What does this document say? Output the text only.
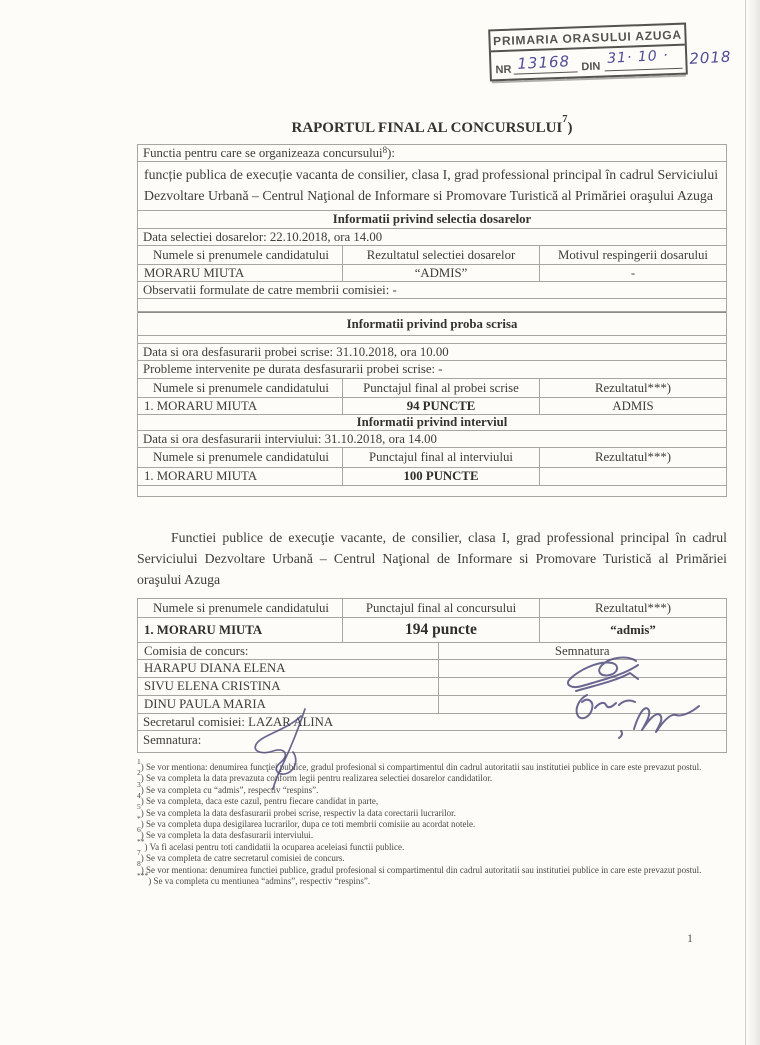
PRIMARIA ORASULUI AZUGA
NR	DIN
13168	31· 10 · 2018
RAPORTUL FINAL AL CONCURSULUI$^7$)
Functia pentru care se organizeaza concursului$^8$ ):
funcție publica de execuție vacanta de consilier, clasa I, grad professional principal în cadrul Serviciului Dezvoltare Urbană – Centrul Naţional de Informare si Promovare Turistică al Primăriei oraşului Azuga
Informatii privind selectia dosarelor
Data selectiei dosarelor: 22.10.2018, ora 14.00
Numele si prenumele candidatului	Rezultatul selectiei dosarelor	Motivul respingerii dosarului
MORARU MIUTA	“ADMIS”	-
Observatii formulate de catre membrii comisiei: -
Informatii privind proba scrisa
Data si ora desfasurarii probei scrise: 31.10.2018, ora 10.00
Probleme intervenite pe durata desfasurarii probei scrise: -
Numele si prenumele candidatului	Punctajul final al probei scrise	Rezultatul***)
1. MORARU MIUTA	94 PUNCTE	ADMIS
Informatii privind interviul
Data si ora desfasurarii interviului: 31.10.2018, ora 14.00
Numele si prenumele candidatului	Punctajul final al interviului	Rezultatul***)
1. MORARU MIUTA	100 PUNCTE
Functiei publice de execuţie vacante, de consilier, clasa I, grad professional principal în cadrul Serviciului Dezvoltare Urbană – Centrul Naţional de Informare si Promovare Turistică al Primăriei oraşului Azuga
Numele si prenumele candidatului	Punctajul final al concursului	Rezultatul***)
1. MORARU MIUTA	194 puncte	“admis”
Comisia de concurs:	Semnatura
HARAPU DIANA ELENA
SIVU ELENA CRISTINA
DINU PAULA MARIA
Secretarul comisiei: LAZAR ALINA
Semnatura:
$^1$) Se vor mentiona: denumirea funcţiei publice, gradul profesional si compartimentul din cadrul autoritatii sau institutiei publice in care este prevazut postul.
$^2$) Se va completa la data prevazuta conform legii pentru realizarea selectiei dosarelor candidatilor.
$^3$) Se va completa cu “admis”, respectiv “respins”.
$^4$) Se va completa, daca este cazul, pentru fiecare candidat in parte,
$^5$) Se va completa la data desfasurarii probei scrise, respectiv la data corectarii lucrarilor.
*) Se va completa dupa desigilarea lucrarilor, dupa ce toti membrii comisiie au acordat notele.
$^6$) Se va completa la data desfasurarii interviului.
**) Va fi acelasi pentru toti candidatii la ocuparea aceleiasi functii publice.
$^7$) Se va completa de catre secretarul comisiei de concurs.
$^8$) Se vor mentiona: denumirea functiei publice, gradul profesional si compartimentul din cadrul autoritatii sau institutiei publice in care este prevazut postul.
***) Se va completa cu mentiunea “admins”, respectiv “respins”.
1
